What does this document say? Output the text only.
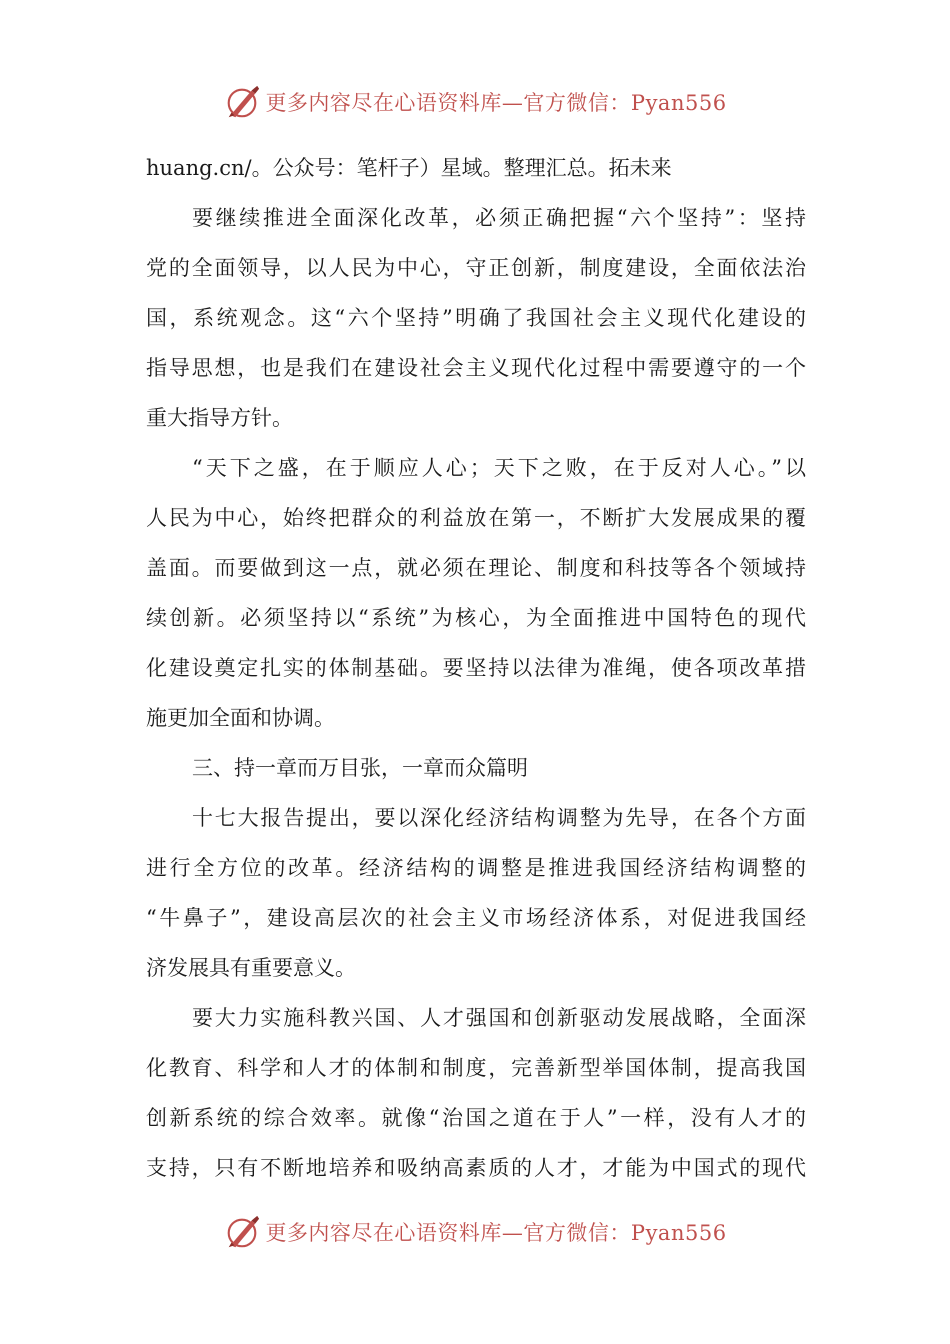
更多内容尽在心语资料库—官方微信：Pyan556
huang.cn/。公众号：笔杆子）星域。整理汇总。拓未来
要继续推进全面深化改革，必须正确把握“六个坚持”：坚持
党的全面领导，以人民为中心，守正创新，制度建设，全面依法治
国，系统观念。这“六个坚持”明确了我国社会主义现代化建设的
指导思想，也是我们在建设社会主义现代化过程中需要遵守的一个
重大指导方针。
“天下之盛，在于顺应人心；天下之败，在于反对人心。”以
人民为中心，始终把群众的利益放在第一，不断扩大发展成果的覆
盖面。而要做到这一点，就必须在理论、制度和科技等各个领域持
续创新。必须坚持以“系统”为核心，为全面推进中国特色的现代
化建设奠定扎实的体制基础。要坚持以法律为准绳，使各项改革措
施更加全面和协调。
三、持一章而万目张，一章而众篇明
十七大报告提出，要以深化经济结构调整为先导，在各个方面
进行全方位的改革。经济结构的调整是推进我国经济结构调整的
“牛鼻子”，建设高层次的社会主义市场经济体系，对促进我国经
济发展具有重要意义。
要大力实施科教兴国、人才强国和创新驱动发展战略，全面深
化教育、科学和人才的体制和制度，完善新型举国体制，提高我国
创新系统的综合效率。就像“治国之道在于人”一样，没有人才的
支持，只有不断地培养和吸纳高素质的人才，才能为中国式的现代
更多内容尽在心语资料库—官方微信：Pyan556
